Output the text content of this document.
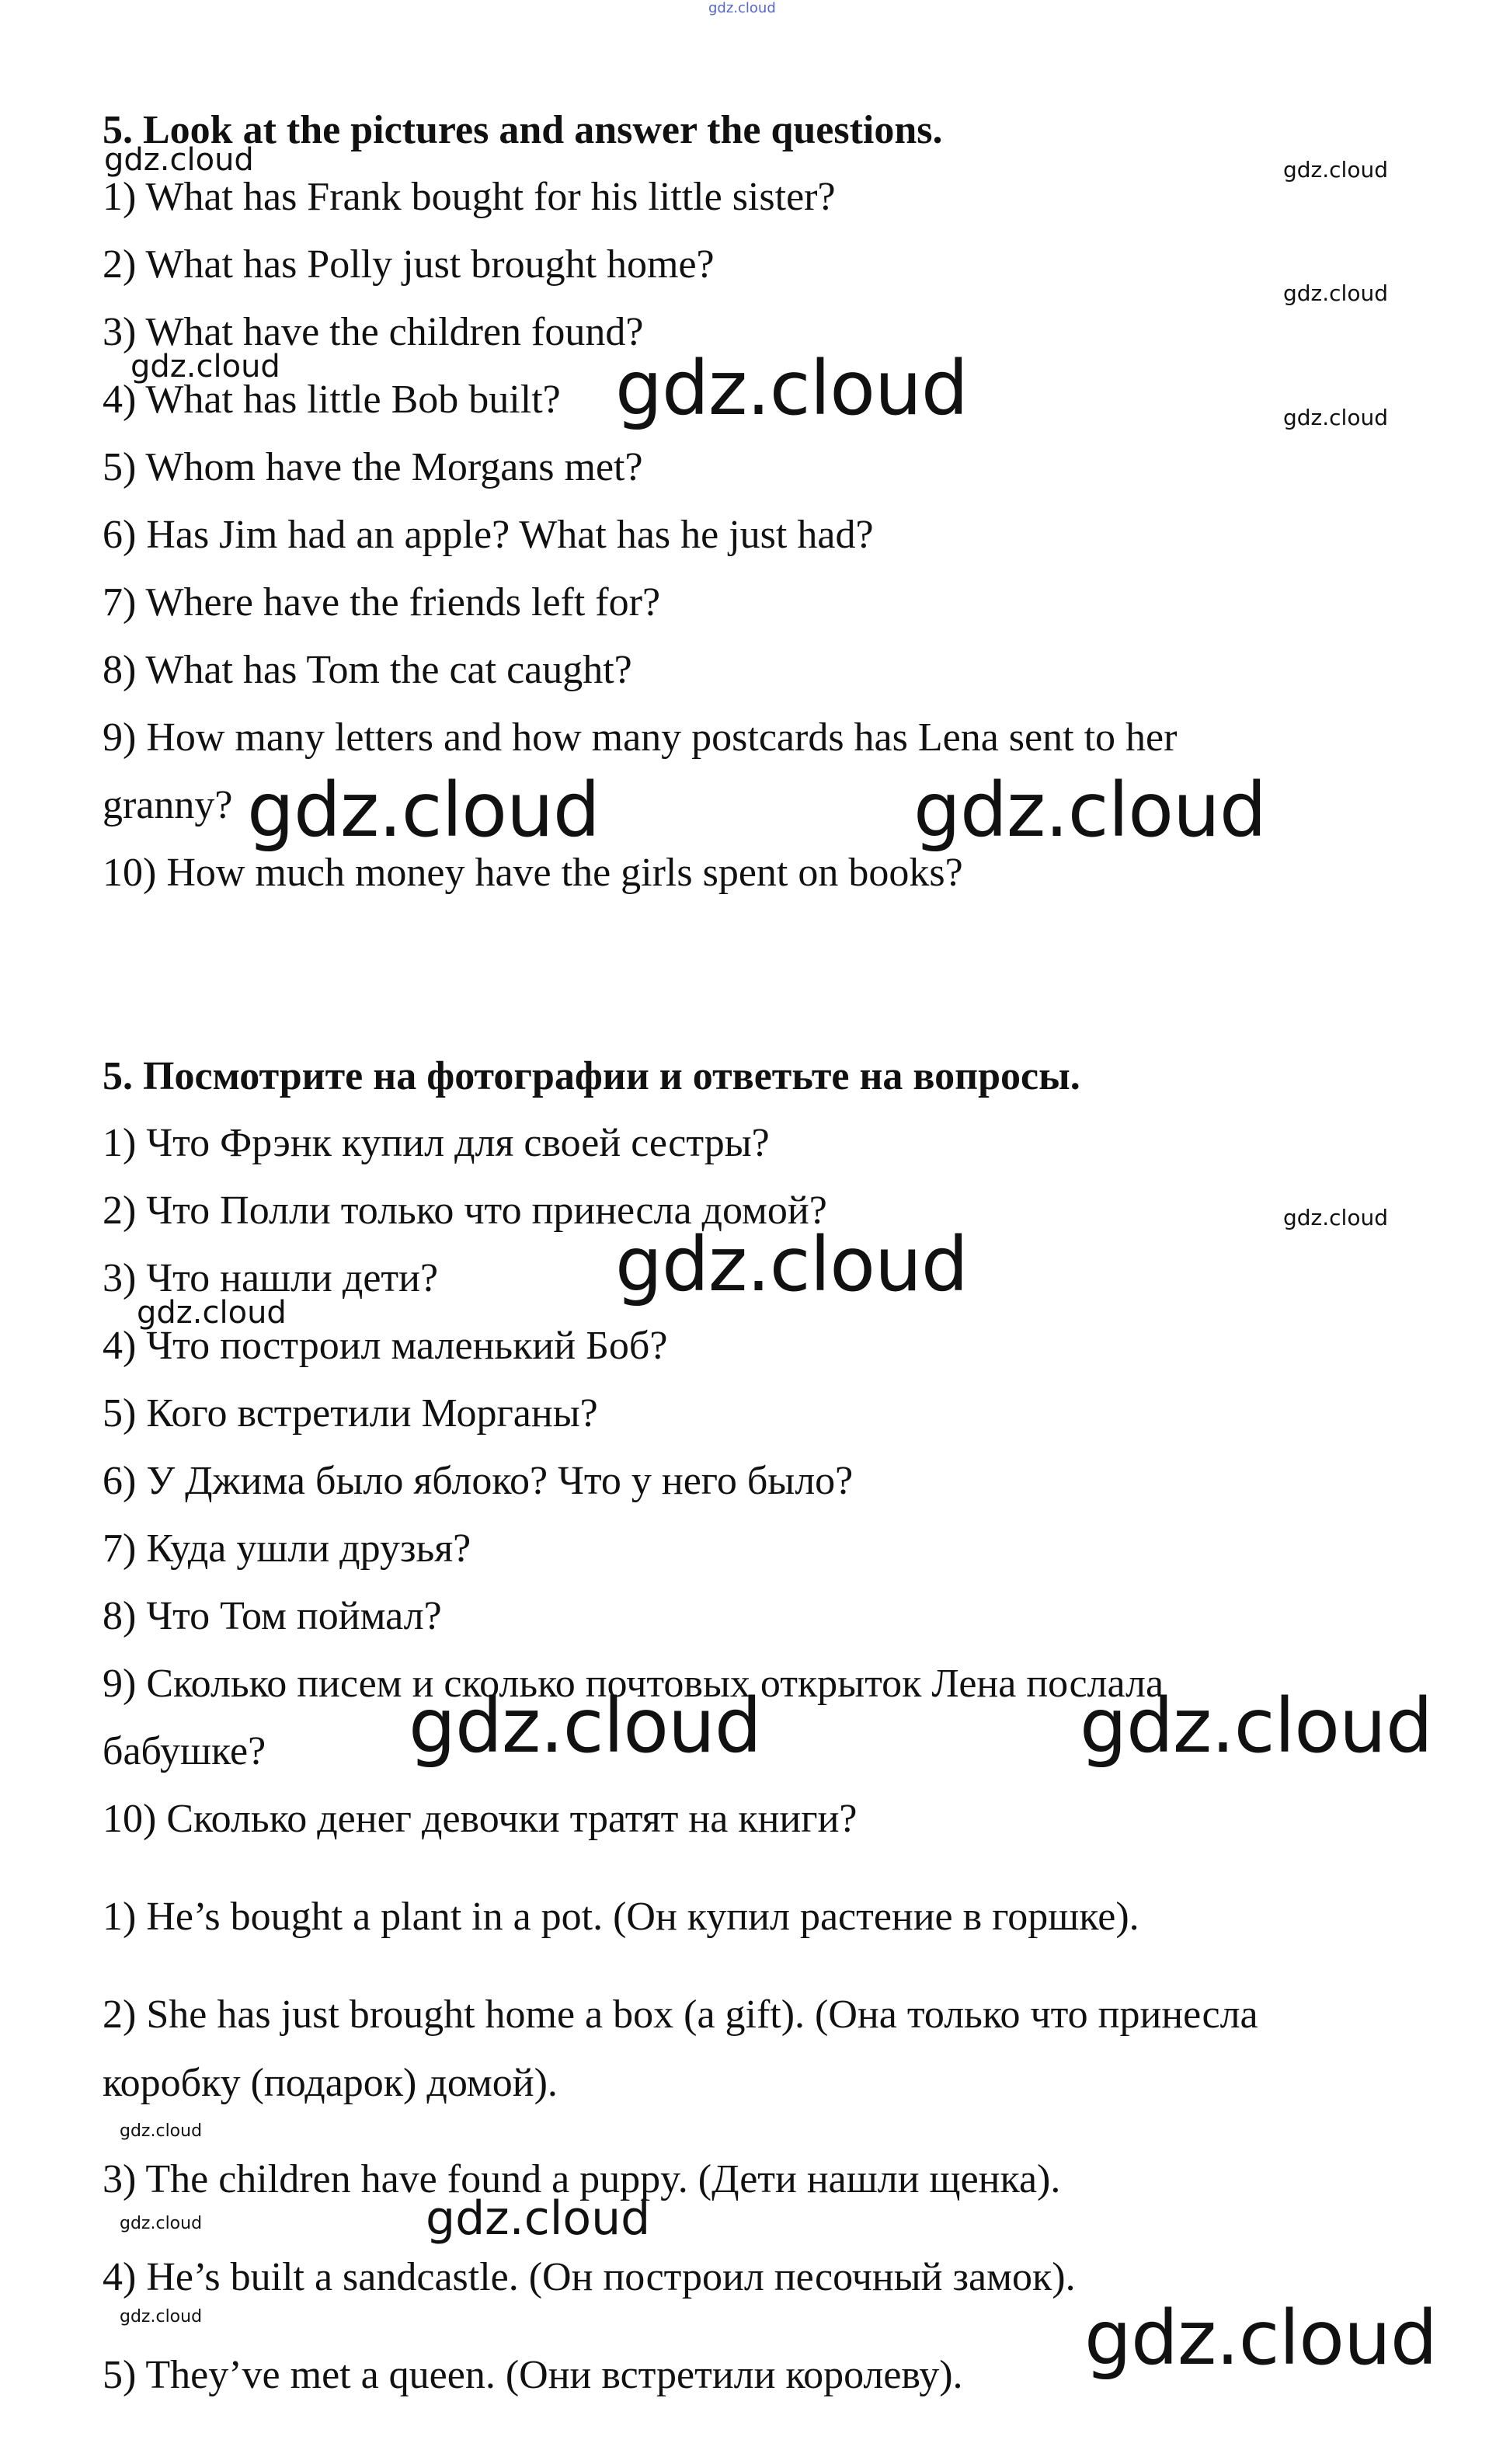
gdz.cloud
5. Look at the pictures and answer the questions.
1) What has Frank bought for his little sister?
2) What has Polly just brought home?
3) What have the children found?
4) What has little Bob built?
5) Whom have the Morgans met?
6) Has Jim had an apple? What has he just had?
7) Where have the friends left for?
8) What has Tom the cat caught?
9) How many letters and how many postcards has Lena sent to her
granny?
10) How much money have the girls spent on books?
5. Посмотрите на фотографии и ответьте на вопросы.
1) Что Фрэнк купил для своей сестры?
2) Что Полли только что принесла домой?
3) Что нашли дети?
4) Что построил маленький Боб?
5) Кого встретили Морганы?
6) У Джима было яблоко? Что у него было?
7) Куда ушли друзья?
8) Что Том поймал?
9) Сколько писем и сколько почтовых открыток Лена послала
бабушке?
10) Сколько денег девочки тратят на книги?
1) He’s bought a plant in a pot. (Он купил растение в горшке).
2) She has just brought home a box (a gift). (Она только что принесла
коробку (подарок) домой).
3) The children have found a puppy. (Дети нашли щенка).
4) He’s built a sandcastle. (Он построил песочный замок).
5) They’ve met a queen. (Они встретили королеву).
gdz.cloud	gdz.cloud
gdz.cloud
gdz.cloud	gdz.cloud	gdz.cloud
gdz.cloud	gdz.cloud
gdz.cloud
gdz.cloud
gdz.cloud
gdz.cloud	gdz.cloud
gdz.cloud
gdz.cloud	gdz.cloud
gdz.cloud	gdz.cloud
